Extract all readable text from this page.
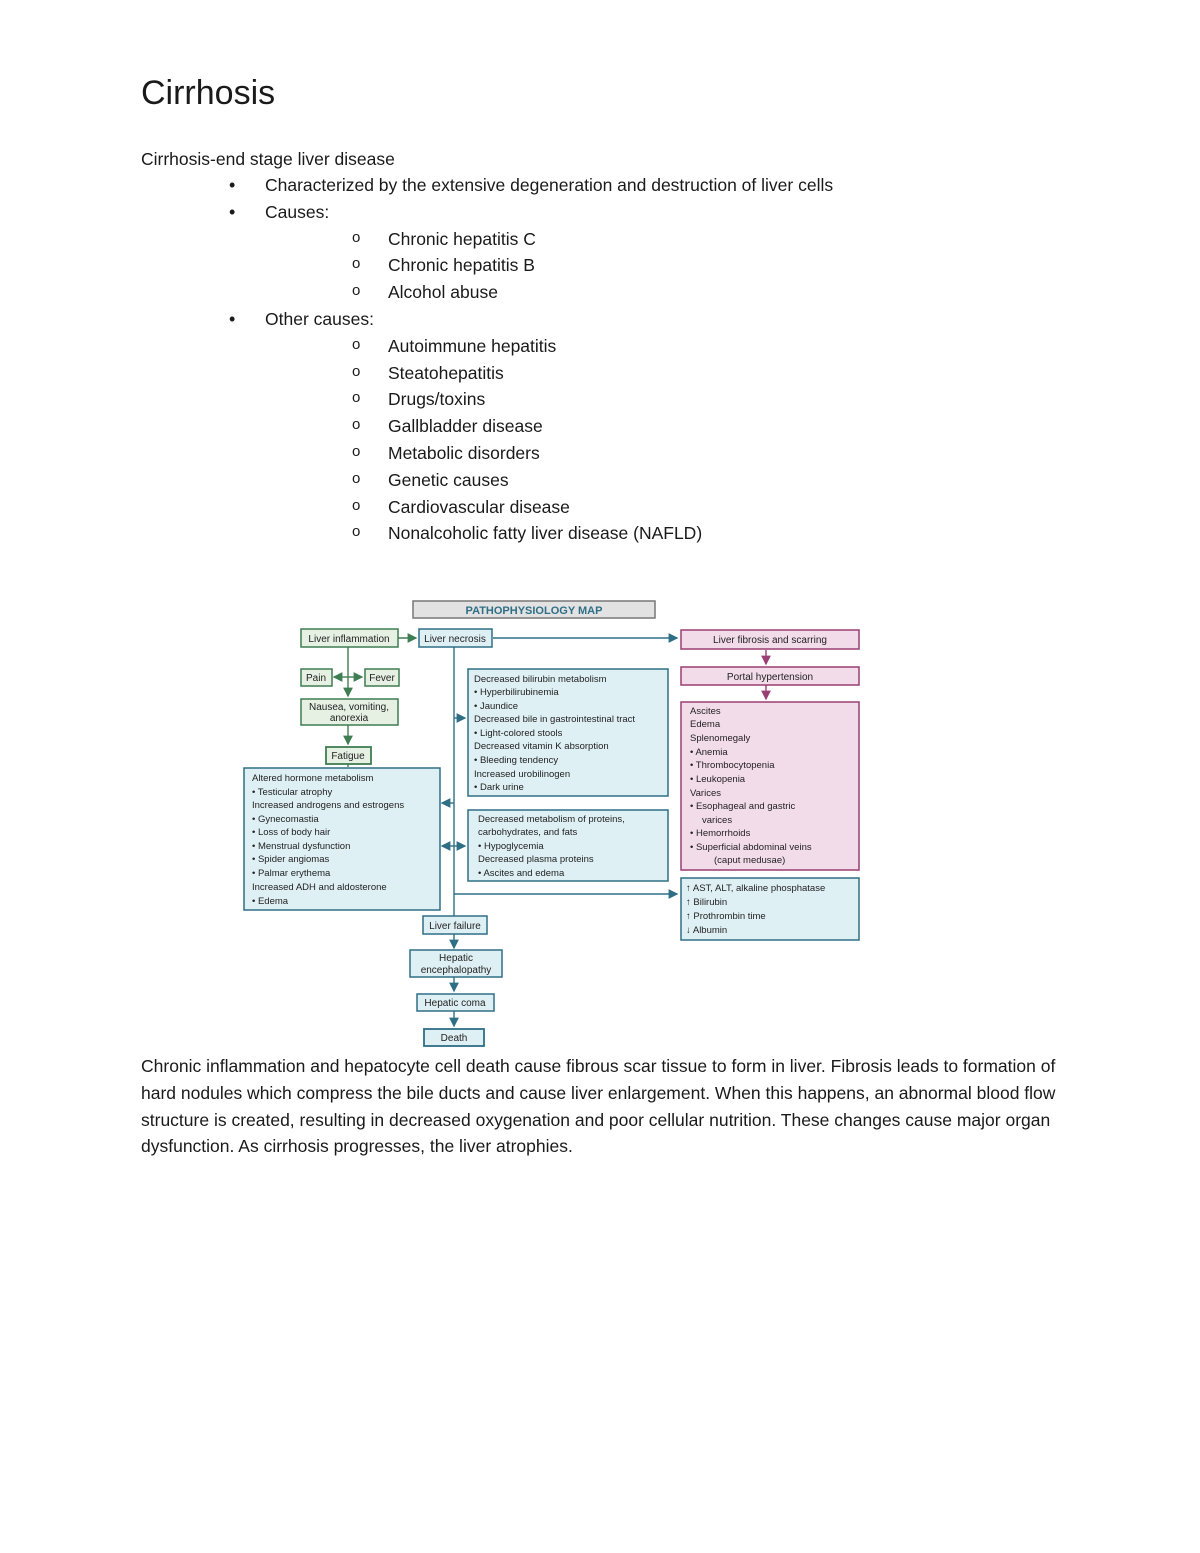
Cirrhosis
Cirrhosis-end stage liver disease
• Characterized by the extensive degeneration and destruction of liver cells
• Causes:
o Chronic hepatitis C
o Chronic hepatitis B
o Alcohol abuse
• Other causes:
o Autoimmune hepatitis
o Steatohepatitis
o Drugs/toxins
o Gallbladder disease
o Metabolic disorders
o Genetic causes
o Cardiovascular disease
o Nonalcoholic fatty liver disease (NAFLD)
PATHOPHYSIOLOGY MAP
Liver inflammation	Liver necrosis
Pain	Fever
Nausea, vomiting,
anorexia
Fatigue
Altered hormone metabolism
• Testicular atrophy
Increased androgens and estrogens
• Gynecomastia
• Loss of body hair
• Menstrual dysfunction
• Spider angiomas
• Palmar erythema
Increased ADH and aldosterone
• Edema
Decreased bilirubin metabolism
• Hyperbilirubinemia
• Jaundice
Decreased bile in gastrointestinal tract
• Light-colored stools
Decreased vitamin K absorption
• Bleeding tendency
Increased urobilinogen
• Dark urine
Decreased metabolism of proteins,
carbohydrates, and fats
• Hypoglycemia
Decreased plasma proteins
• Ascites and edema
Liver fibrosis and scarring
Portal hypertension
Ascites
Edema
Splenomegaly
• Anemia
• Thrombocytopenia
• Leukopenia
Varices
• Esophageal and gastric
varices
• Hemorrhoids
• Superficial abdominal veins
(caput medusae)
↑ AST, ALT, alkaline phosphatase
↑ Bilirubin
↑ Prothrombin time
↓ Albumin
Liver failure
Hepatic
encephalopathy
Hepatic coma
Death

Chronic inflammation and hepatocyte cell death cause fibrous scar tissue to form in liver. Fibrosis leads to formation of hard nodules which compress the bile ducts and cause liver enlargement. When this happens, an abnormal blood flow structure is created, resulting in decreased oxygenation and poor cellular nutrition. These changes cause major organ dysfunction. As cirrhosis progresses, the liver atrophies.
